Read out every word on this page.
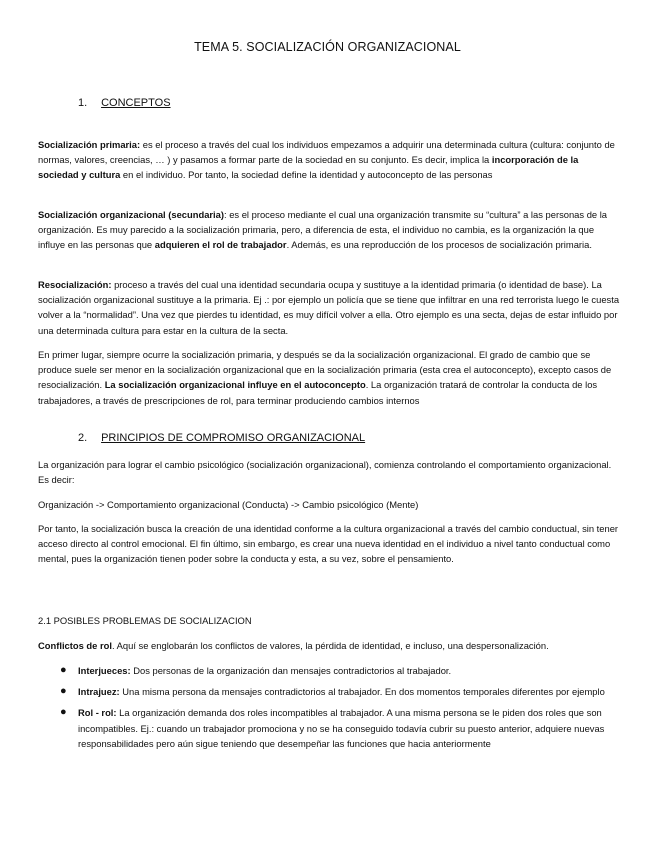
TEMA 5. SOCIALIZACIÓN ORGANIZACIONAL
1. CONCEPTOS
Socialización primaria: es el proceso a través del cual los individuos empezamos a adquirir una determinada cultura (cultura: conjunto de normas, valores, creencias, … ) y pasamos a formar parte de la sociedad en su conjunto. Es decir, implica la incorporación de la sociedad y cultura en el individuo. Por tanto, la sociedad define la identidad y autoconcepto de las personas
Socialización organizacional (secundaria): es el proceso mediante el cual una organización transmite su “cultura” a las personas de la organización. Es muy parecido a la socialización primaria, pero, a diferencia de esta, el individuo no cambia, es la organización la que influye en las personas que adquieren el rol de trabajador. Además, es una reproducción de los procesos de socialización primaria.
Resocialización: proceso a través del cual una identidad secundaria ocupa y sustituye a la identidad primaria (o identidad de base). La socialización organizacional sustituye a la primaria. Ej .: por ejemplo un policía que se tiene que infiltrar en una red terrorista luego le cuesta volver a la “normalidad”. Una vez que pierdes tu identidad, es muy difícil volver a ella. Otro ejemplo es una secta, dejas de estar influido por una determinada cultura para estar en la cultura de la secta.
En primer lugar, siempre ocurre la socialización primaria, y después se da la socialización organizacional. El grado de cambio que se produce suele ser menor en la socialización organizacional que en la socialización primaria (esta crea el autoconcepto), excepto casos de resocialización. La socialización organizacional influye en el autoconcepto. La organización tratará de controlar la conducta de los trabajadores, a través de prescripciones de rol, para terminar produciendo cambios internos
2. PRINCIPIOS DE COMPROMISO ORGANIZACIONAL
La organización para lograr el cambio psicológico (socialización organizacional), comienza controlando el comportamiento organizacional. Es decir:
Organización -> Comportamiento organizacional (Conducta) -> Cambio psicológico (Mente)
Por tanto, la socialización busca la creación de una identidad conforme a la cultura organizacional a través del cambio conductual, sin tener acceso directo al control emocional. El fin último, sin embargo, es crear una nueva identidad en el individuo a nivel tanto conductual como mental, pues la organización tienen poder sobre la conducta y esta, a su vez, sobre el pensamiento.
2.1 POSIBLES PROBLEMAS DE SOCIALIZACION
Conflictos de rol. Aquí se englobarán los conflictos de valores, la pérdida de identidad, e incluso, una despersonalización.
● Interjueces: Dos personas de la organización dan mensajes contradictorios al trabajador.
● Intrajuez: Una misma persona da mensajes contradictorios al trabajador. En dos momentos temporales diferentes por ejemplo
● Rol - rol: La organización demanda dos roles incompatibles al trabajador. A una misma persona se le piden dos roles que son incompatibles. Ej.: cuando un trabajador promociona y no se ha conseguido todavía cubrir su puesto anterior, adquiere nuevas responsabilidades pero aún sigue teniendo que desempeñar las funciones que hacia anteriormente
